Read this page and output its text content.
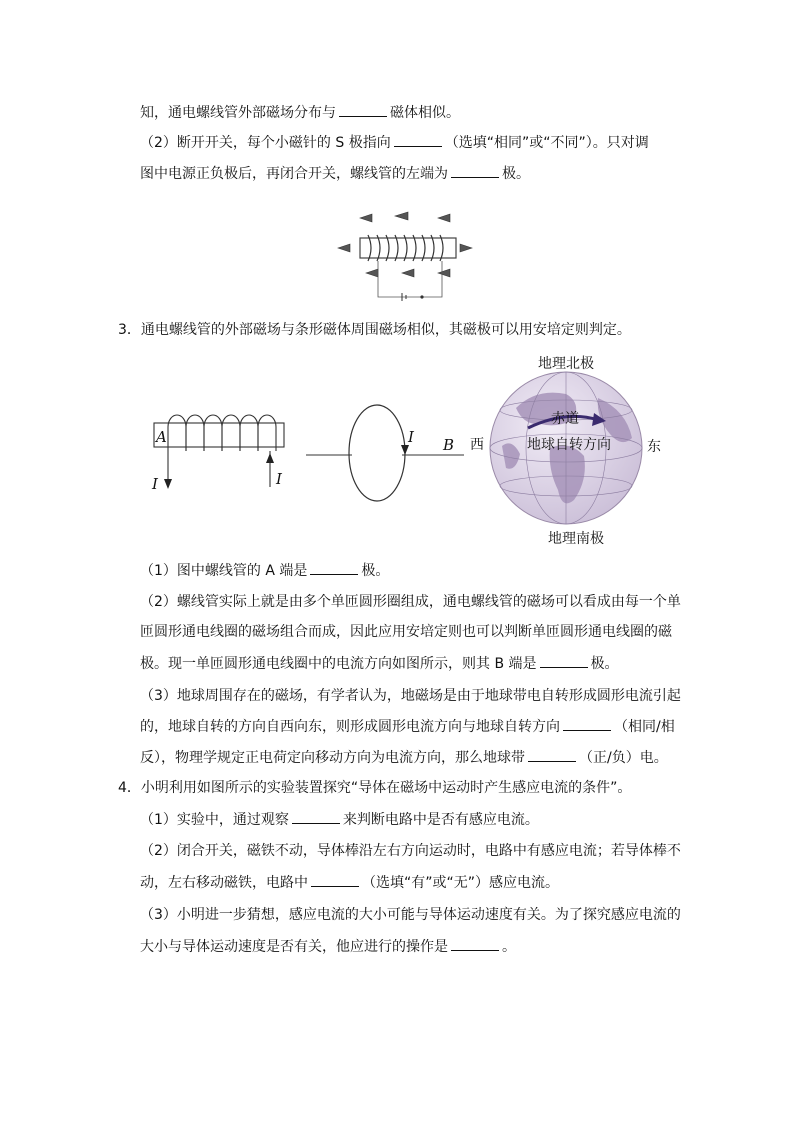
知，通电螺线管外部磁场分布与	磁体相似。
（2）断开开关，每个小磁针的 S 极指向	（选填“相同”或“不同”）。只对调
图中电源正负极后，再闭合开关，螺线管的左端为	极。
3．通电螺线管的外部磁场与条形磁体周围磁场相似，其磁极可以用安培定则判定。
A
I	I
I B
地理北极
赤道
地球自转方向
西	东
地理南极
（1）图中螺线管的 A 端是	极。
（2）螺线管实际上就是由多个单匝圆形圈组成，通电螺线管的磁场可以看成由每一个单
匝圆形通电线圈的磁场组合而成，因此应用安培定则也可以判断单匝圆形通电线圈的磁
极。现一单匝圆形通电线圈中的电流方向如图所示，则其 B 端是	极。
（3）地球周围存在的磁场，有学者认为，地磁场是由于地球带电自转形成圆形电流引起
的，地球自转的方向自西向东，则形成圆形电流方向与地球自转方向	（相同/相
反），物理学规定正电荷定向移动方向为电流方向，那么地球带	（正/负）电。
4．小明利用如图所示的实验装置探究“导体在磁场中运动时产生感应电流的条件”。
（1）实验中，通过观察	来判断电路中是否有感应电流。
（2）闭合开关，磁铁不动，导体棒沿左右方向运动时，电路中有感应电流；若导体棒不
动，左右移动磁铁，电路中	（选填“有”或“无”）感应电流。
（3）小明进一步猜想，感应电流的大小可能与导体运动速度有关。为了探究感应电流的
大小与导体运动速度是否有关，他应进行的操作是	。
